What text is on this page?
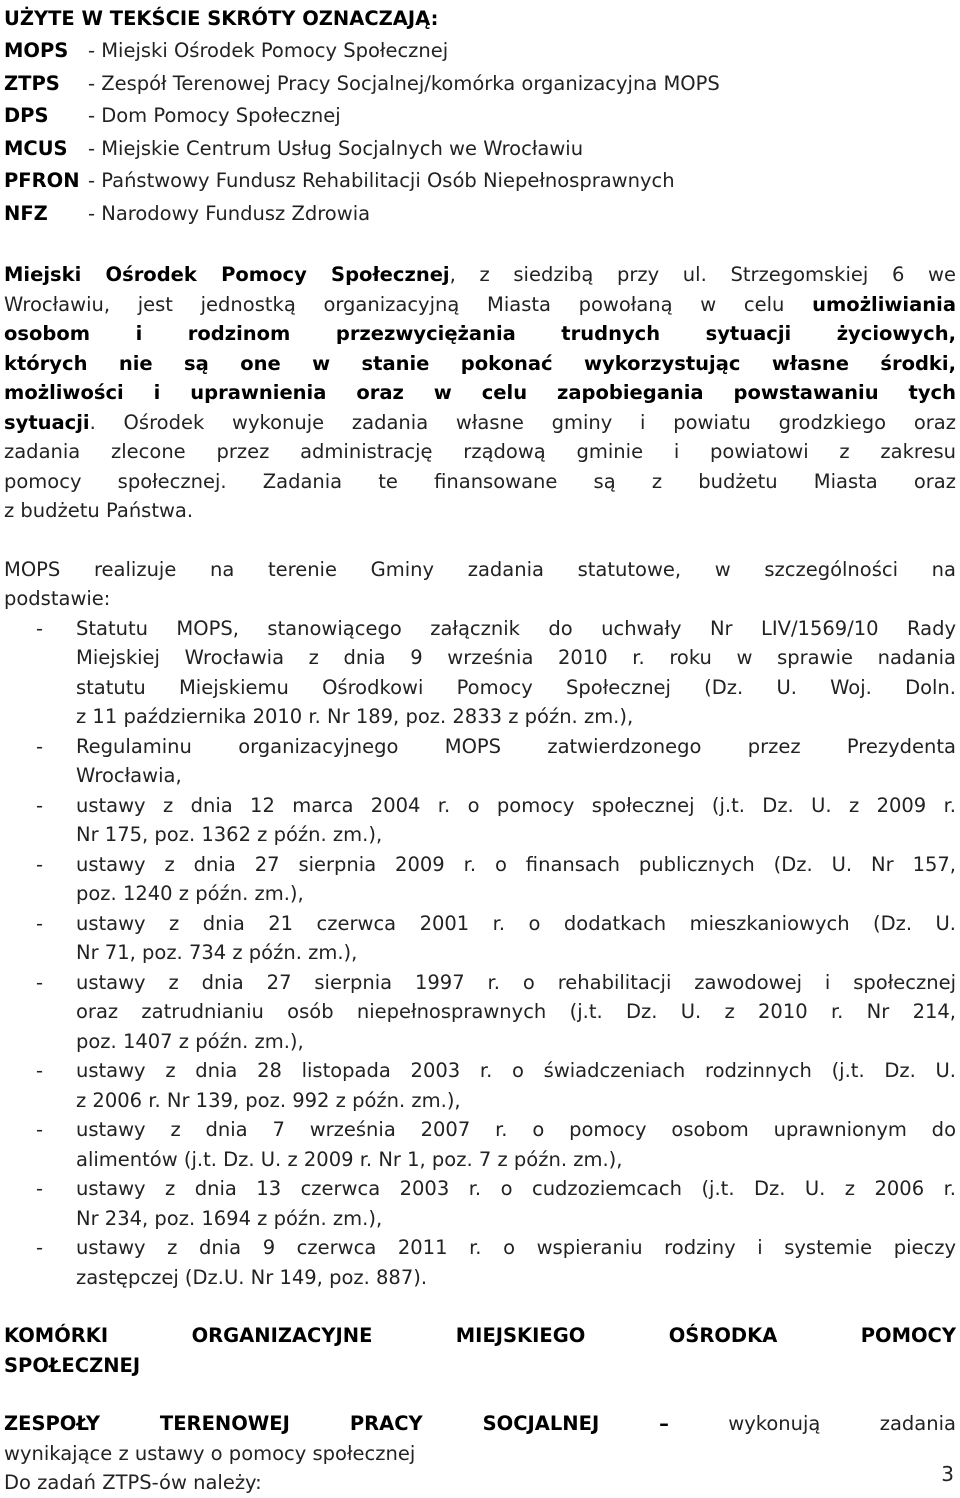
UŻYTE W TEKŚCIE SKRÓTY OZNACZAJĄ:
MOPS	- Miejski Ośrodek Pomocy Społecznej
ZTPS	- Zespół Terenowej Pracy Socjalnej/komórka organizacyjna MOPS
DPS	- Dom Pomocy Społecznej
MCUS	- Miejskie Centrum Usług Socjalnych we Wrocławiu
PFRON - Państwowy Fundusz Rehabilitacji Osób Niepełnosprawnych
NFZ	- Narodowy Fundusz Zdrowia
Miejski Ośrodek Pomocy Społecznej, z siedzibą przy ul. Strzegomskiej 6 we
Wrocławiu, jest jednostką organizacyjną Miasta powołaną w celu umożliwiania
osobom i rodzinom przezwyciężania trudnych sytuacji życiowych,
których nie są one w stanie pokonać wykorzystując własne środki,
możliwości i uprawnienia oraz w celu zapobiegania powstawaniu tych
sytuacji. Ośrodek wykonuje zadania własne gminy i powiatu grodzkiego oraz
zadania zlecone przez administrację rządową gminie i powiatowi z zakresu
pomocy społecznej. Zadania te finansowane są z budżetu Miasta oraz
z budżetu Państwa.
MOPS realizuje na terenie Gminy zadania statutowe, w szczególności na
podstawie:
-	Statutu MOPS, stanowiącego załącznik do uchwały Nr LIV/1569/10 Rady
Miejskiej Wrocławia z dnia 9 września 2010 r. roku w sprawie nadania
statutu Miejskiemu Ośrodkowi Pomocy Społecznej (Dz. U. Woj. Doln.
z 11 października 2010 r. Nr 189, poz. 2833 z późn. zm.),
-	Regulaminu organizacyjnego MOPS zatwierdzonego przez Prezydenta
Wrocławia,
-	ustawy z dnia 12 marca 2004 r. o pomocy społecznej (j.t. Dz. U. z 2009 r.
Nr 175, poz. 1362 z późn. zm.),
-	ustawy z dnia 27 sierpnia 2009 r. o finansach publicznych (Dz. U. Nr 157,
poz. 1240 z późn. zm.),
-	ustawy z dnia 21 czerwca 2001 r. o dodatkach mieszkaniowych (Dz. U.
Nr 71, poz. 734 z późn. zm.),
-	ustawy z dnia 27 sierpnia 1997 r. o rehabilitacji zawodowej i społecznej
oraz zatrudnianiu osób niepełnosprawnych (j.t. Dz. U. z 2010 r. Nr 214,
poz. 1407 z późn. zm.),
-	ustawy z dnia 28 listopada 2003 r. o świadczeniach rodzinnych (j.t. Dz. U.
z 2006 r. Nr 139, poz. 992 z późn. zm.),
-	ustawy z dnia 7 września 2007 r. o pomocy osobom uprawnionym do
alimentów (j.t. Dz. U. z 2009 r. Nr 1, poz. 7 z późn. zm.),
-	ustawy z dnia 13 czerwca 2003 r. o cudzoziemcach (j.t. Dz. U. z 2006 r.
Nr 234, poz. 1694 z późn. zm.),
-	ustawy z dnia 9 czerwca 2011 r. o wspieraniu rodziny i systemie pieczy
zastępczej (Dz.U. Nr 149, poz. 887).
KOMÓRKI ORGANIZACYJNE MIEJSKIEGO OŚRODKA POMOCY
SPOŁECZNEJ
ZESPOŁY TERENOWEJ PRACY SOCJALNEJ – wykonują zadania
wynikające z ustawy o pomocy społecznej
Do zadań ZTPS-ów należy:	3
